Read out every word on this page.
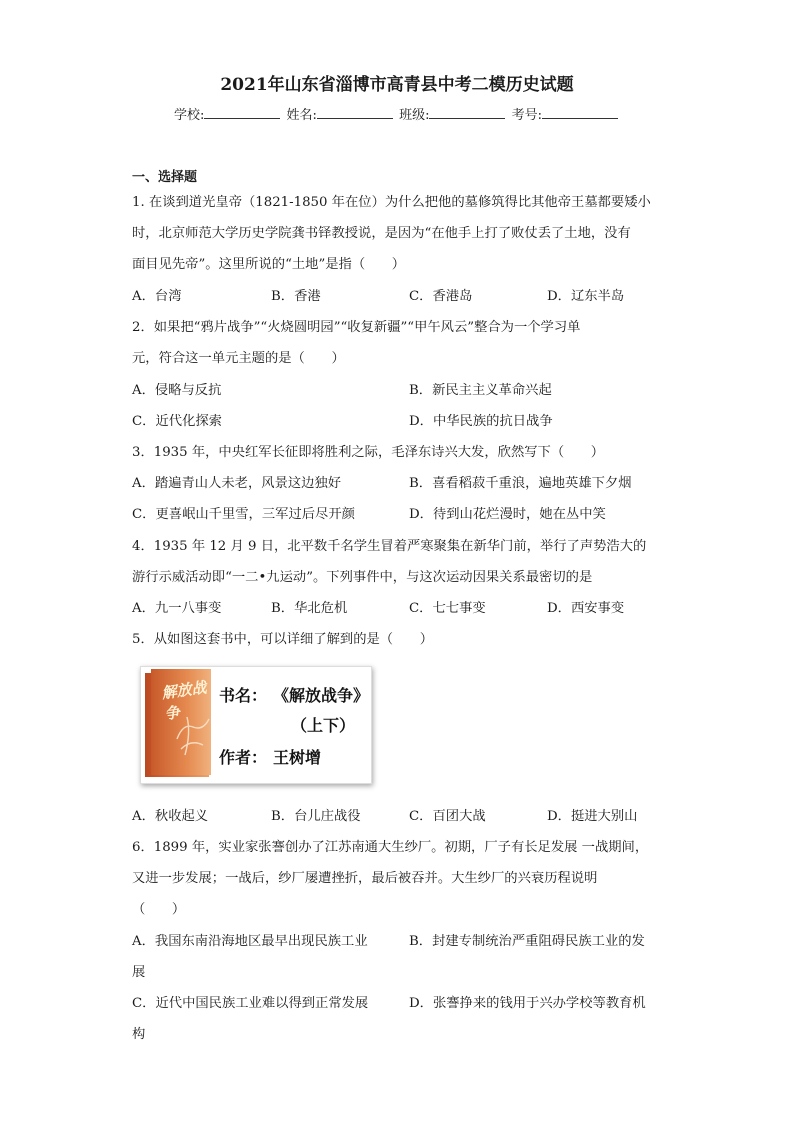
2021年山东省淄博市高青县中考二模历史试题
学校:	姓名:	班级:	考号:
一、选择题
1. 在谈到道光皇帝（1821-1850 年在位）为什么把他的墓修筑得比其他帝王墓都要矮小
时，北京师范大学历史学院龚书铎教授说，是因为“在他手上打了败仗丢了土地，没有
面目见先帝”。这里所说的“土地”是指（　　）
A．台湾	B．香港	C．香港岛	D．辽东半岛
2．如果把“鸦片战争”“火烧圆明园”“收复新疆”“甲午风云”整合为一个学习单
元，符合这一单元主题的是（　　）
A．侵略与反抗	B．新民主主义革命兴起
C．近代化探索	D．中华民族的抗日战争
3．1935 年，中央红军长征即将胜利之际，毛泽东诗兴大发，欣然写下（　　）
A．踏遍青山人未老，风景这边独好	B．喜看稻菽千重浪，遍地英雄下夕烟
C．更喜岷山千里雪，三军过后尽开颜	D．待到山花烂漫时，她在丛中笑
4．1935 年 12 月 9 日，北平数千名学生冒着严寒聚集在新华门前，举行了声势浩大的
游行示威活动即“一二•九运动”。下列事件中，与这次运动因果关系最密切的是
A．九一八事变	B．华北危机	C．七七事变	D．西安事变
5．从如图这套书中，可以详细了解到的是（　　）
解放战争
书名： 《解放战争》
（上下）
作者： 王树增
A．秋收起义	B．台儿庄战役	C．百团大战	D．挺进大别山
6．1899 年，实业家张謇创办了江苏南通大生纱厂。初期，厂子有长足发展 一战期间，
又进一步发展；一战后，纱厂屡遭挫折，最后被吞并。大生纱厂的兴衰历程说明
（　　）
A．我国东南沿海地区最早出现民族工业	B．封建专制统治严重阻碍民族工业的发
展
C．近代中国民族工业难以得到正常发展	D．张謇挣来的钱用于兴办学校等教育机
构
